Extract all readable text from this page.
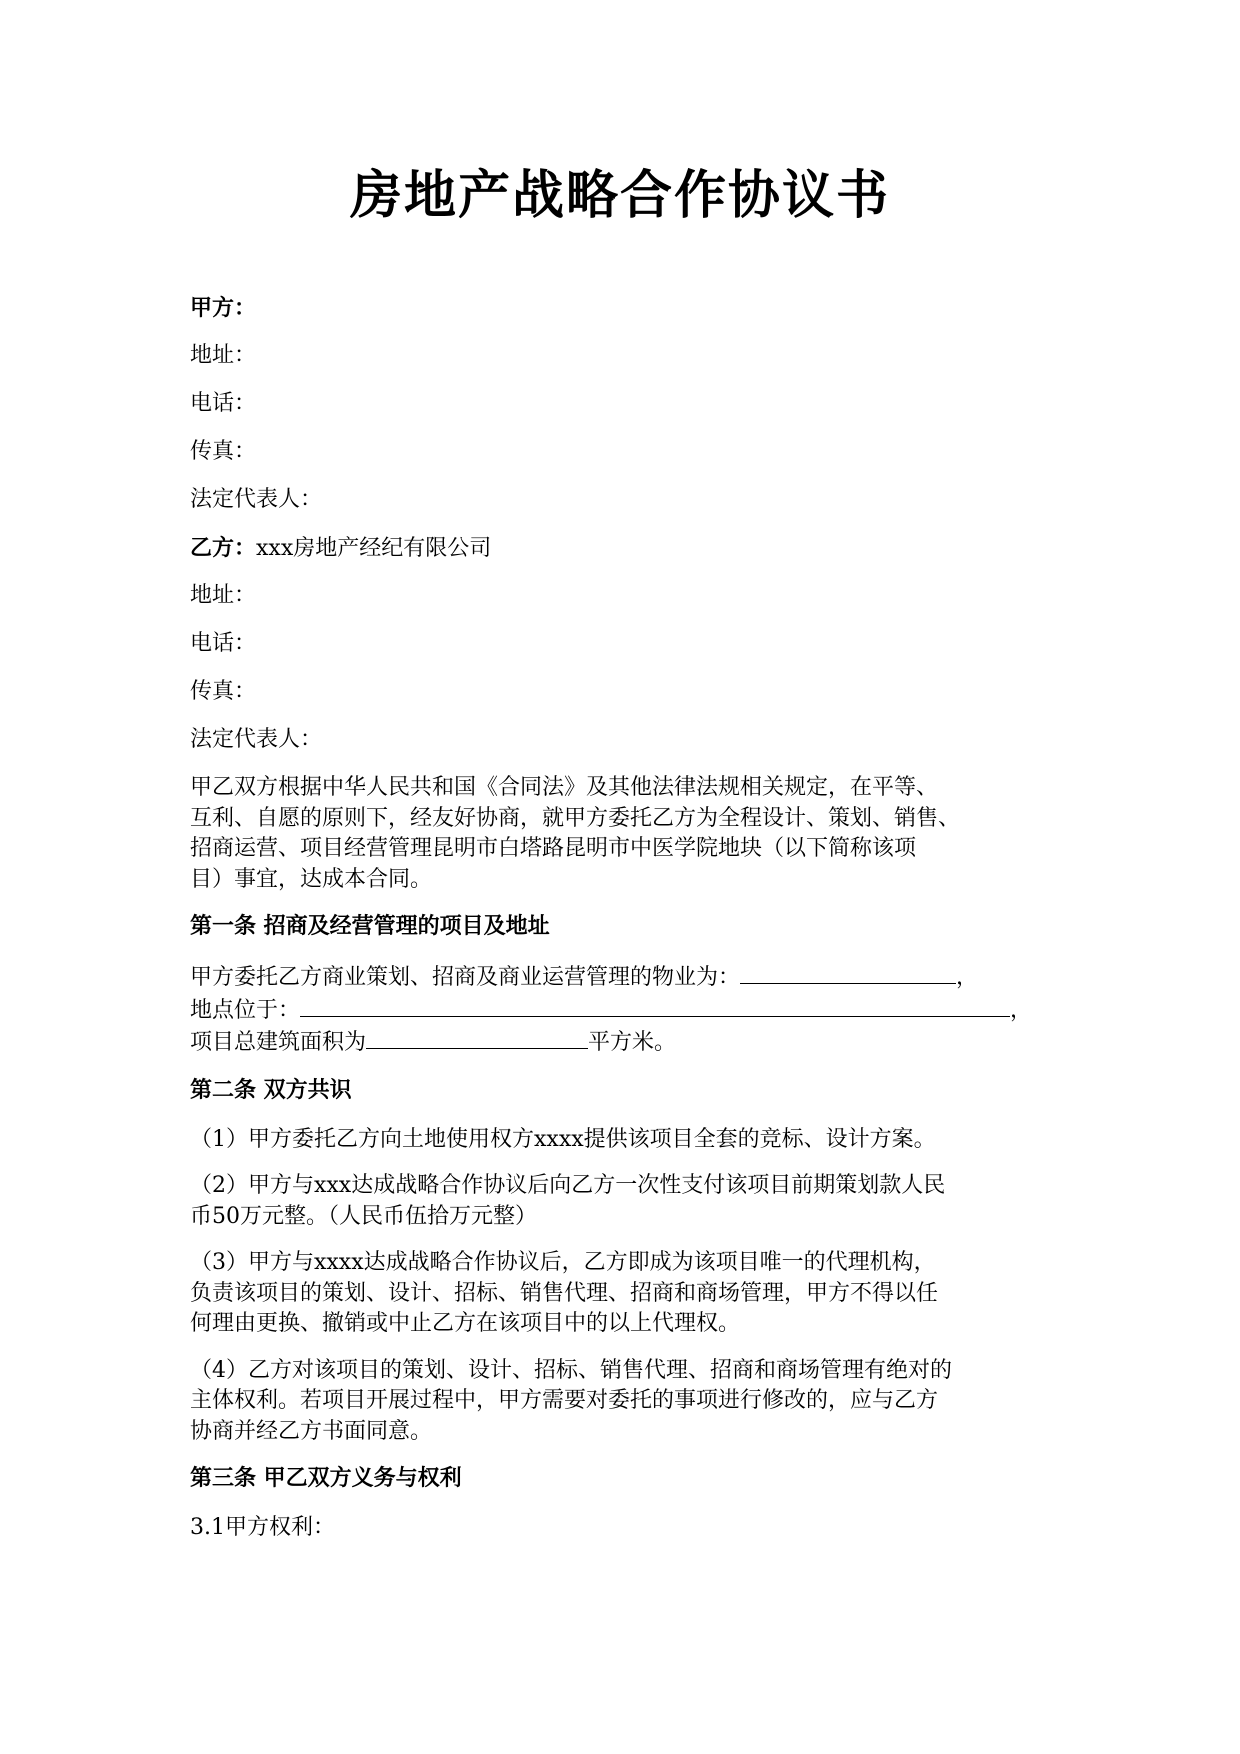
房地产战略合作协议书
甲方：
地址：
电话：
传真：
法定代表人：
乙方：xxx房地产经纪有限公司
地址：
电话：
传真：
法定代表人：
甲乙双方根据中华人民共和国《合同法》及其他法律法规相关规定，在平等、
互利、自愿的原则下，经友好协商，就甲方委托乙方为全程设计、策划、销售、
招商运营、项目经营管理昆明市白塔路昆明市中医学院地块（以下简称该项
目）事宜，达成本合同。
第一条 招商及经营管理的项目及地址
甲方委托乙方商业策划、招商及商业运营管理的物业为：	，
地点位于：	，
项目总建筑面积为	平方米。
第二条 双方共识
（1）甲方委托乙方向土地使用权方xxxx提供该项目全套的竞标、设计方案。
（2）甲方与xxx达成战略合作协议后向乙方一次性支付该项目前期策划款人民
币50万元整。（人民币伍拾万元整）
（3）甲方与xxxx达成战略合作协议后，乙方即成为该项目唯一的代理机构，
负责该项目的策划、设计、招标、销售代理、招商和商场管理，甲方不得以任
何理由更换、撤销或中止乙方在该项目中的以上代理权。
（4）乙方对该项目的策划、设计、招标、销售代理、招商和商场管理有绝对的
主体权利。若项目开展过程中，甲方需要对委托的事项进行修改的，应与乙方
协商并经乙方书面同意。
第三条 甲乙双方义务与权利
3.1甲方权利：
